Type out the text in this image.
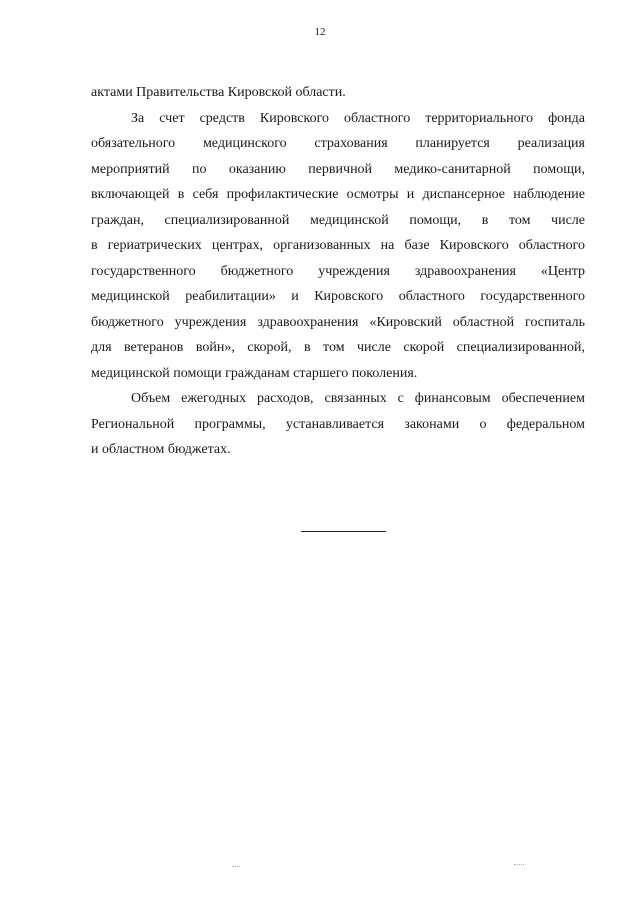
12
актами Правительства Кировской области.
За счет средств Кировского областного территориального фонда
обязательного медицинского страхования планируется реализация
мероприятий по оказанию первичной медико-санитарной помощи,
включающей в себя профилактические осмотры и диспансерное наблюдение
граждан, специализированной медицинской помощи, в том числе
в гериатрических центрах, организованных на базе Кировского областного
государственного бюджетного учреждения здравоохранения «Центр
медицинской реабилитации» и Кировского областного государственного
бюджетного учреждения здравоохранения «Кировский областной госпиталь
для ветеранов войн», скорой, в том числе скорой специализированной,
медицинской помощи гражданам старшего поколения.
Объем ежегодных расходов, связанных с финансовым обеспечением
Региональной программы, устанавливается законами о федеральном
и областном бюджетах.
